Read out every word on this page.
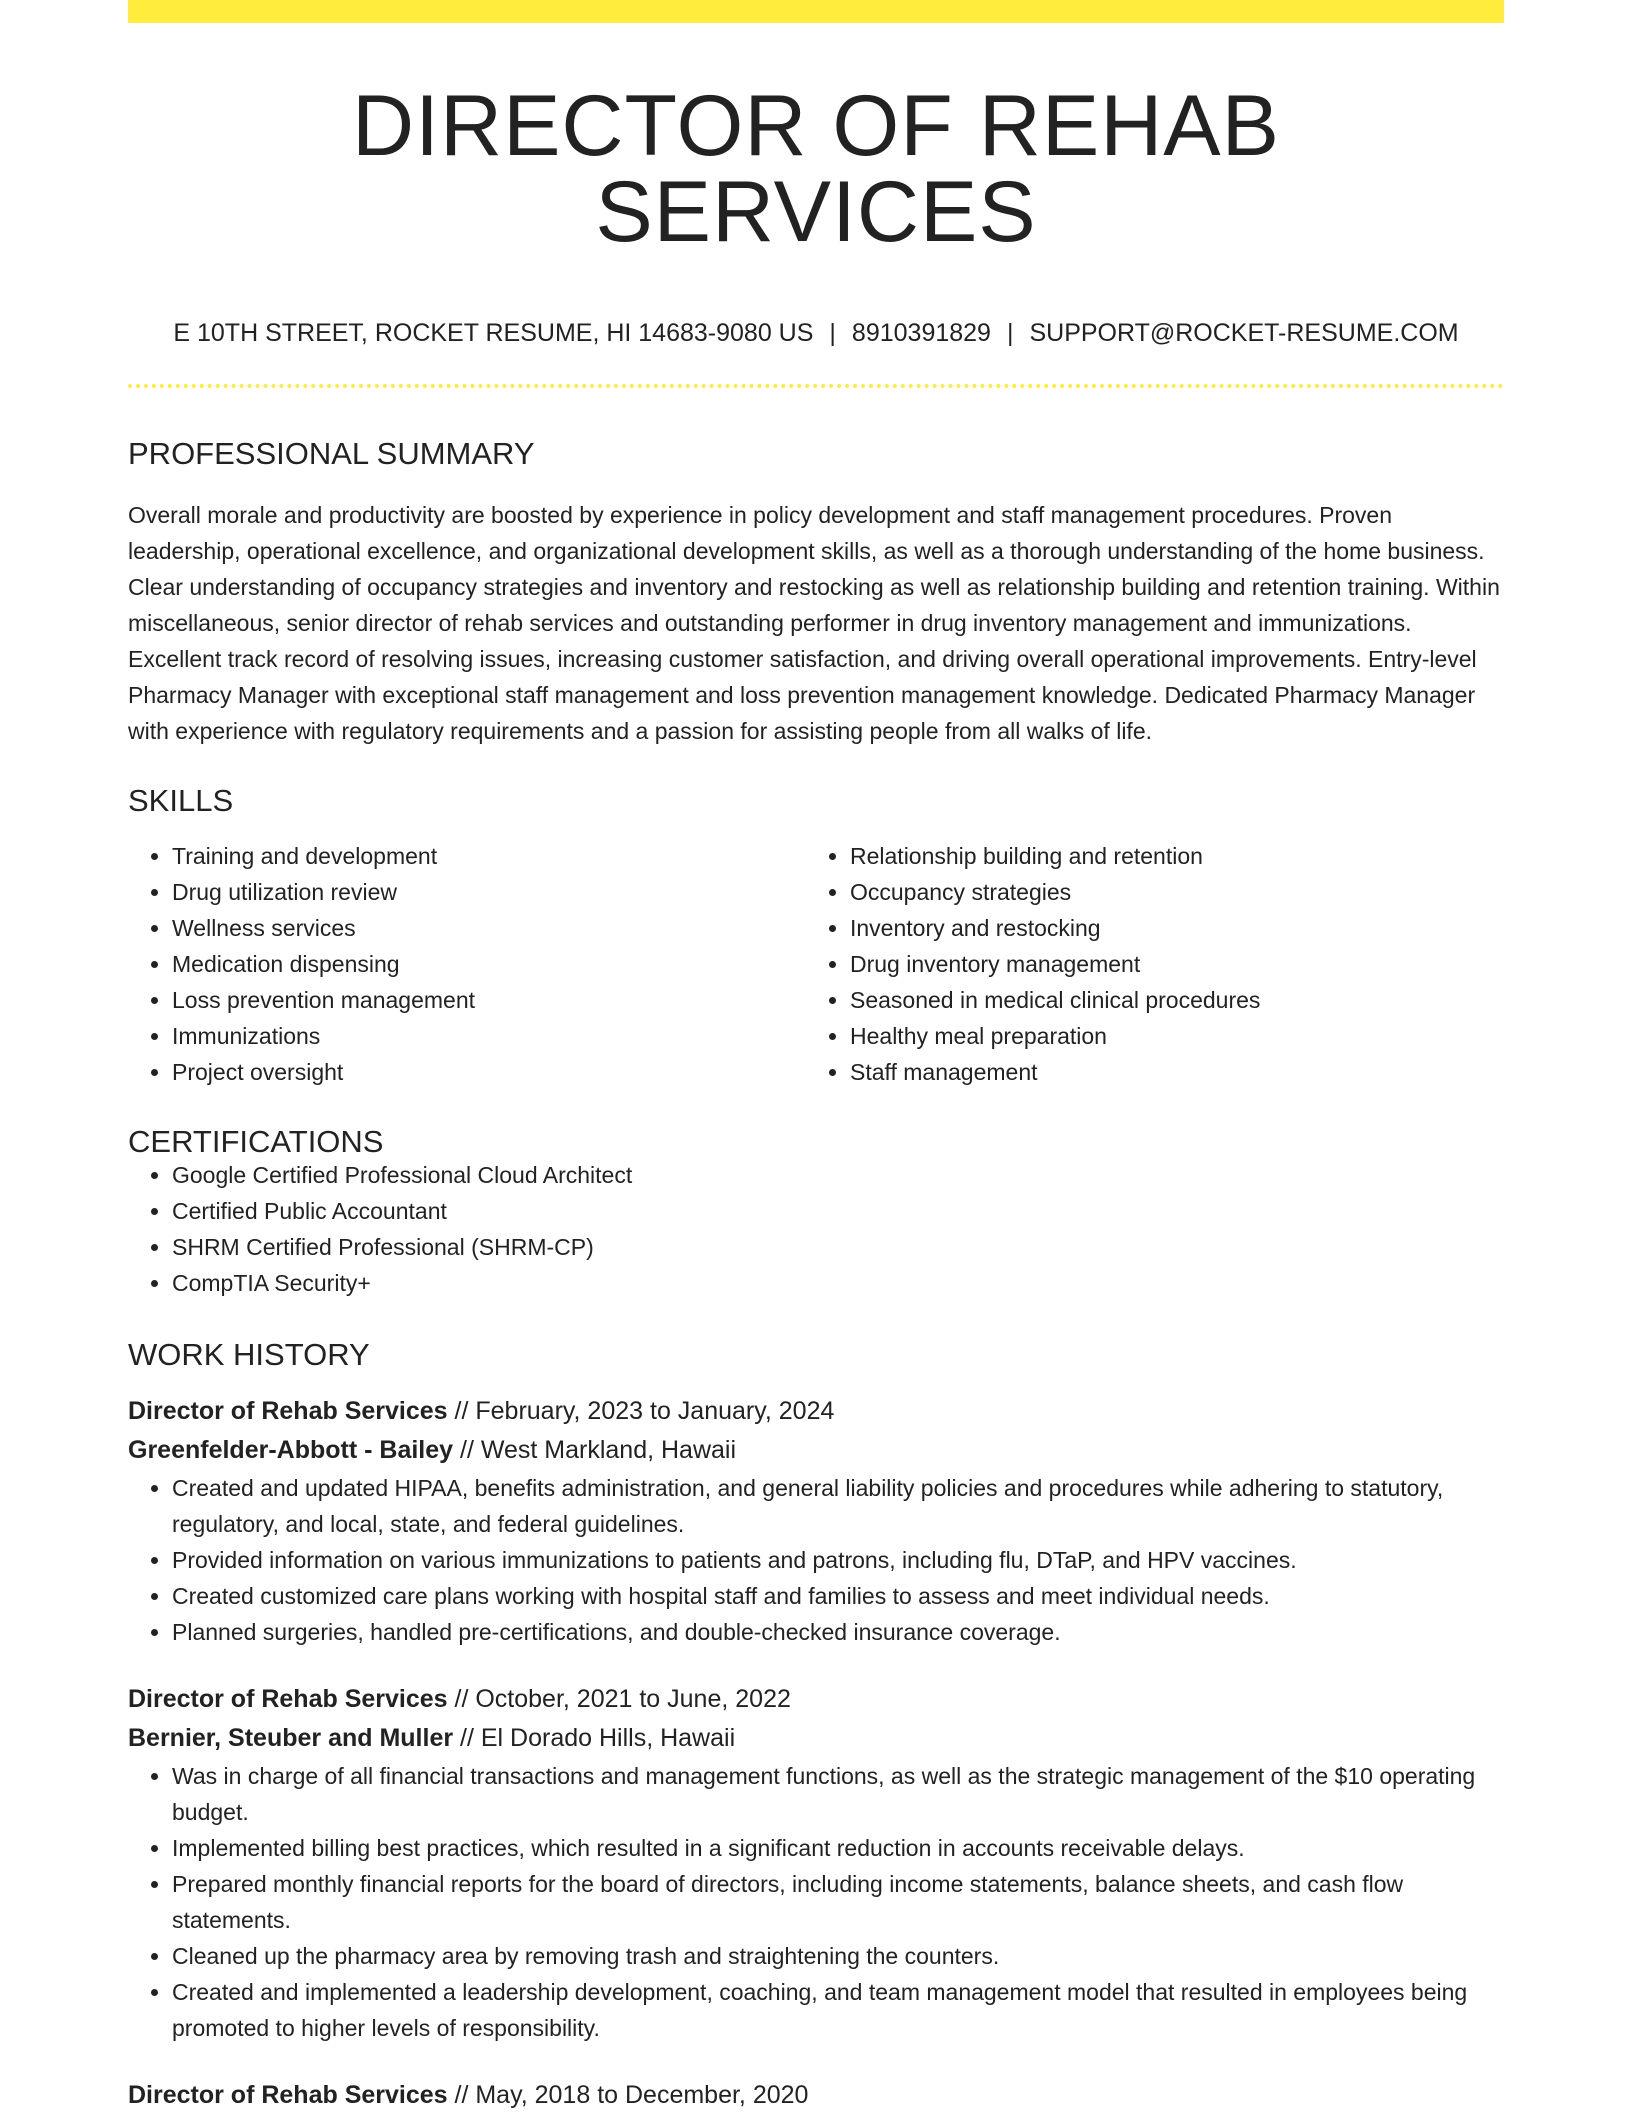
DIRECTOR OF REHAB SERVICES
E 10TH STREET, ROCKET RESUME, HI 14683-9080 US | 8910391829 | SUPPORT@ROCKET-RESUME.COM
PROFESSIONAL SUMMARY

Overall morale and productivity are boosted by experience in policy development and staff management procedures. Proven leadership, operational excellence, and organizational development skills, as well as a thorough understanding of the home business. Clear understanding of occupancy strategies and inventory and restocking as well as relationship building and retention training. Within miscellaneous, senior director of rehab services and outstanding performer in drug inventory management and immunizations. Excellent track record of resolving issues, increasing customer satisfaction, and driving overall operational improvements. Entry-level Pharmacy Manager with exceptional staff management and loss prevention management knowledge. Dedicated Pharmacy Manager with experience with regulatory requirements and a passion for assisting people from all walks of life.

SKILLS
• Training and development
• Drug utilization review
• Wellness services
• Medication dispensing
• Loss prevention management
• Immunizations
• Project oversight
• Relationship building and retention
• Occupancy strategies
• Inventory and restocking
• Drug inventory management
• Seasoned in medical clinical procedures
• Healthy meal preparation
• Staff management
CERTIFICATIONS
• Google Certified Professional Cloud Architect
• Certified Public Accountant
• SHRM Certified Professional (SHRM-CP)
• CompTIA Security+
WORK HISTORY
Director of Rehab Services // February, 2023 to January, 2024
Greenfelder-Abbott - Bailey // West Markland, Hawaii
• Created and updated HIPAA, benefits administration, and general liability policies and procedures while adhering to statutory, regulatory, and local, state, and federal guidelines.
• Provided information on various immunizations to patients and patrons, including flu, DTaP, and HPV vaccines.
• Created customized care plans working with hospital staff and families to assess and meet individual needs.
• Planned surgeries, handled pre-certifications, and double-checked insurance coverage.
Director of Rehab Services // October, 2021 to June, 2022
Bernier, Steuber and Muller // El Dorado Hills, Hawaii
• Was in charge of all financial transactions and management functions, as well as the strategic management of the $10 operating budget.
• Implemented billing best practices, which resulted in a significant reduction in accounts receivable delays.
• Prepared monthly financial reports for the board of directors, including income statements, balance sheets, and cash flow statements.
• Cleaned up the pharmacy area by removing trash and straightening the counters.
• Created and implemented a leadership development, coaching, and team management model that resulted in employees being promoted to higher levels of responsibility.
Director of Rehab Services // May, 2018 to December, 2020
